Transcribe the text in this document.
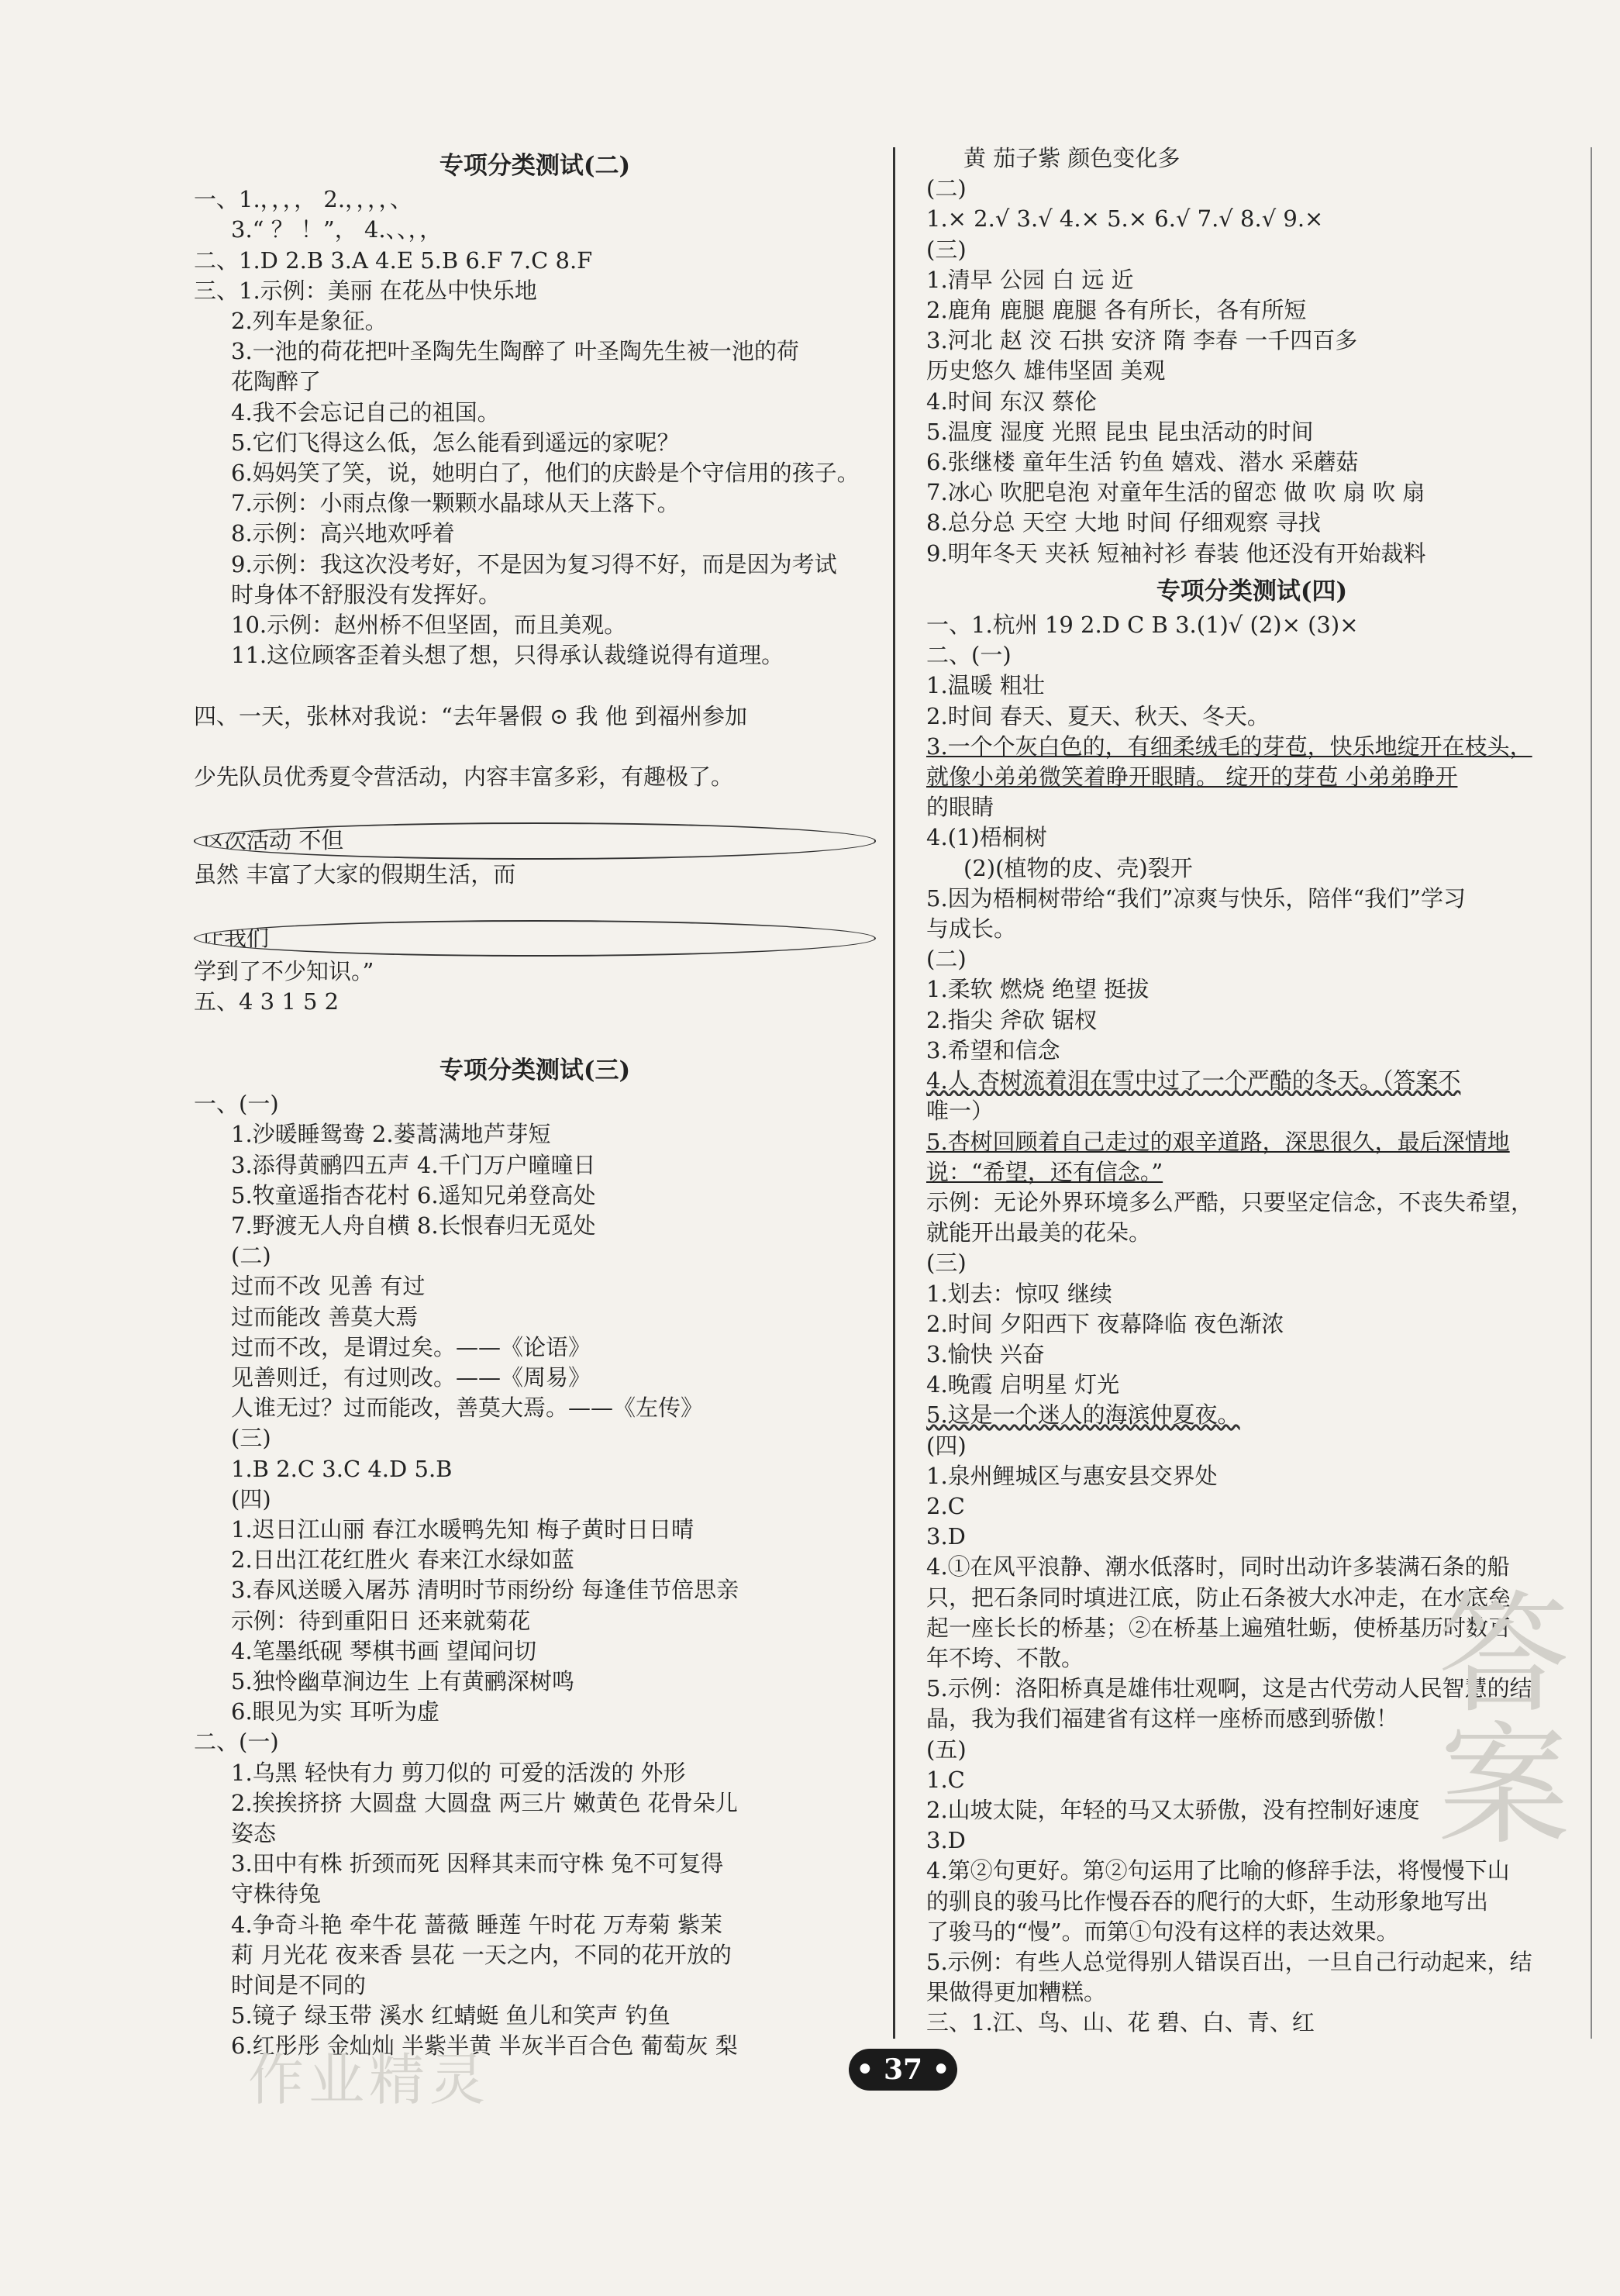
专项分类测试(二)
一、1.，，，， 2.，，，，、
3.“ ？ ！”， 4.、、，，
二、1.D 2.B 3.A 4.E 5.B 6.F 7.C 8.F
三、1.示例：美丽 在花丛中快乐地
2.列车是象征。
3.一池的荷花把叶圣陶先生陶醉了 叶圣陶先生被一池的荷
花陶醉了
4.我不会忘记自己的祖国。
5.它们飞得这么低，怎么能看到遥远的家呢？
6.妈妈笑了笑，说，她明白了，他们的庆龄是个守信用的孩子。
7.示例：小雨点像一颗颗水晶球从天上落下。
8.示例：高兴地欢呼着
9.示例：我这次没考好，不是因为复习得不好，而是因为考试
时身体不舒服没有发挥好。
10.示例：赵州桥不但坚固，而且美观。
11.这位顾客歪着头想了想，只得承认裁缝说得有道理。

四、一天，张林对我说：“去年暑假 ⊙ 我 他 到福州参加

少先队员优秀夏令营活动，内容丰富多彩，有趣极了。

这次活动 不但
虽然 丰富了大家的假期生活，而

让我们
学到了不少知识。”
五、4 3 1 5 2

专项分类测试(三)
一、(一)
1.沙暖睡鸳鸯 2.蒌蒿满地芦芽短
3.添得黄鹂四五声 4.千门万户曈曈日
5.牧童遥指杏花村 6.遥知兄弟登高处
7.野渡无人舟自横 8.长恨春归无觅处
(二)
过而不改 见善 有过
过而能改 善莫大焉
过而不改，是谓过矣。——《论语》
见善则迁，有过则改。——《周易》
人谁无过？过而能改，善莫大焉。——《左传》
(三)
1.B 2.C 3.C 4.D 5.B
(四)
1.迟日江山丽 春江水暖鸭先知 梅子黄时日日晴
2.日出江花红胜火 春来江水绿如蓝
3.春风送暖入屠苏 清明时节雨纷纷 每逢佳节倍思亲
示例：待到重阳日 还来就菊花
4.笔墨纸砚 琴棋书画 望闻问切
5.独怜幽草涧边生 上有黄鹂深树鸣
6.眼见为实 耳听为虚
二、(一)
1.乌黑 轻快有力 剪刀似的 可爱的活泼的 外形
2.挨挨挤挤 大圆盘 大圆盘 两三片 嫩黄色 花骨朵儿
姿态
3.田中有株 折颈而死 因释其耒而守株 兔不可复得
守株待兔
4.争奇斗艳 牵牛花 蔷薇 睡莲 午时花 万寿菊 紫茉
莉 月光花 夜来香 昙花 一天之内，不同的花开放的
时间是不同的
5.镜子 绿玉带 溪水 红蜻蜓 鱼儿和笑声 钓鱼
6.红彤彤 金灿灿 半紫半黄 半灰半百合色 葡萄灰 梨
黄 茄子紫 颜色变化多
(二)
1.× 2.√ 3.√ 4.× 5.× 6.√ 7.√ 8.√ 9.×
(三)
1.清早 公园 白 远 近
2.鹿角 鹿腿 鹿腿 各有所长，各有所短
3.河北 赵 洨 石拱 安济 隋 李春 一千四百多
历史悠久 雄伟坚固 美观
4.时间 东汉 蔡伦
5.温度 湿度 光照 昆虫 昆虫活动的时间
6.张继楼 童年生活 钓鱼 嬉戏、潜水 采蘑菇
7.冰心 吹肥皂泡 对童年生活的留恋 做 吹 扇 吹 扇
8.总分总 天空 大地 时间 仔细观察 寻找
9.明年冬天 夹袄 短袖衬衫 春装 他还没有开始裁料
专项分类测试(四)
一、1.杭州 19 2.D C B 3.(1)√ (2)× (3)×
二、(一)
1.温暖 粗壮
2.时间 春天、夏天、秋天、冬天。
3.一个个灰白色的，有细柔绒毛的芽苞，快乐地绽开在枝头，
就像小弟弟微笑着睁开眼睛。 绽开的芽苞 小弟弟睁开
的眼睛
4.(1)梧桐树
(2)(植物的皮、壳)裂开
5.因为梧桐树带给“我们”凉爽与快乐，陪伴“我们”学习
与成长。
(二)
1.柔软 燃烧 绝望 挺拔
2.指尖 斧砍 锯杈
3.希望和信念
4.人 杏树流着泪在雪中过了一个严酷的冬天。（答案不
唯一）
5.杏树回顾着自己走过的艰辛道路，深思很久，最后深情地
说：“希望，还有信念。”
示例：无论外界环境多么严酷，只要坚定信念，不丧失希望，
就能开出最美的花朵。
(三)
1.划去：惊叹 继续
2.时间 夕阳西下 夜幕降临 夜色渐浓
3.愉快 兴奋
4.晚霞 启明星 灯光
5.这是一个迷人的海滨仲夏夜。
(四)
1.泉州鲤城区与惠安县交界处
2.C
3.D
4.①在风平浪静、潮水低落时，同时出动许多装满石条的船
只，把石条同时填进江底，防止石条被大水冲走，在水底垒
起一座长长的桥基；②在桥基上遍殖牡蛎，使桥基历时数百
年不垮、不散。
5.示例：洛阳桥真是雄伟壮观啊，这是古代劳动人民智慧的结
晶，我为我们福建省有这样一座桥而感到骄傲！
(五)
1.C
2.山坡太陡，年轻的马又太骄傲，没有控制好速度
3.D
4.第②句更好。第②句运用了比喻的修辞手法，将慢慢下山
的驯良的骏马比作慢吞吞的爬行的大虾，生动形象地写出
了骏马的“慢”。而第①句没有这样的表达效果。
5.示例：有些人总觉得别人错误百出，一旦自己行动起来，结
果做得更加糟糕。
三、1.江、鸟、山、花 碧、白、青、红
作业精灵
答案
• 37 •
